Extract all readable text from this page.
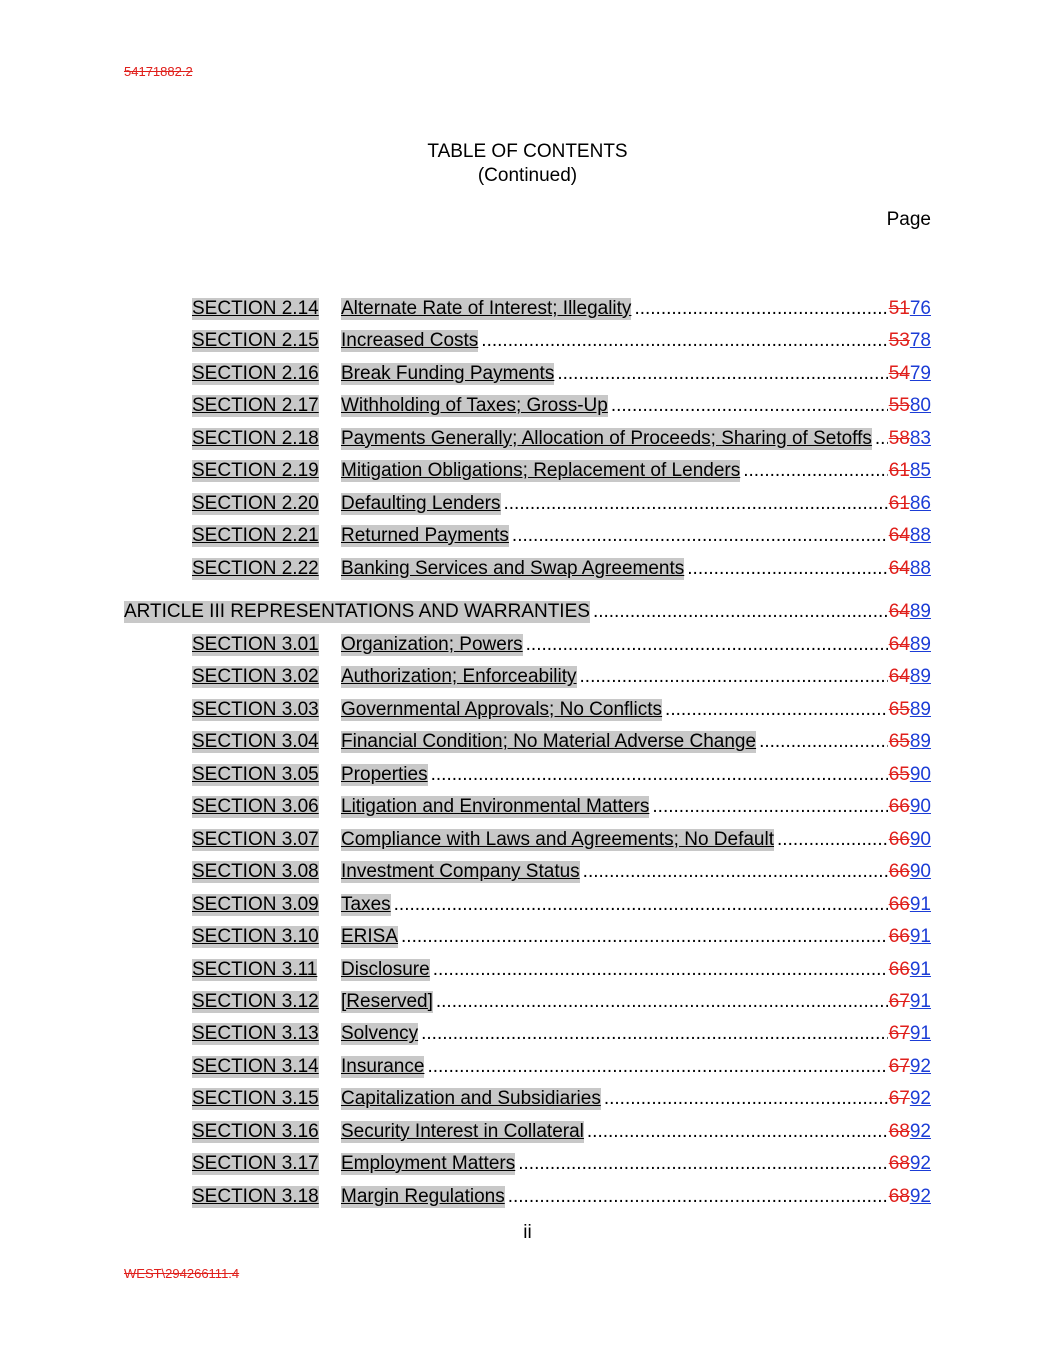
54171882.2
TABLE OF CONTENTS
(Continued)
Page
SECTION 2.14 Alternate Rate of Interest; Illegality .....	51 76
SECTION 2.15 Increased Costs .....	53 78
SECTION 2.16 Break Funding Payments .....	54 79
SECTION 2.17 Withholding of Taxes; Gross-Up .....	55 80
SECTION 2.18 Payments Generally; Allocation of Proceeds; Sharing of Setoffs ..... 58 83
SECTION 2.19 Mitigation Obligations; Replacement of Lenders .....	61 85
SECTION 2.20 Defaulting Lenders .....	61 86
SECTION 2.21 Returned Payments .....	64 88
SECTION 2.22 Banking Services and Swap Agreements .....	64 88
ARTICLE III REPRESENTATIONS AND WARRANTIES .....	64 89
SECTION 3.01 Organization; Powers .....	64 89
SECTION 3.02 Authorization; Enforceability .....	64 89
SECTION 3.03 Governmental Approvals; No Conflicts .....	65 89
SECTION 3.04 Financial Condition; No Material Adverse Change .....	65 89
SECTION 3.05 Properties .....	65 90
SECTION 3.06 Litigation and Environmental Matters .....	66 90
SECTION 3.07 Compliance with Laws and Agreements; No Default .....	66 90
SECTION 3.08 Investment Company Status .....	66 90
SECTION 3.09 Taxes .....	66 91
SECTION 3.10 ERISA .....	66 91
SECTION 3.11 Disclosure .....	66 91
SECTION 3.12 [Reserved] .....	67 91
SECTION 3.13 Solvency .....	67 91
SECTION 3.14 Insurance .....	67 92
SECTION 3.15 Capitalization and Subsidiaries .....	67 92
SECTION 3.16 Security Interest in Collateral .....	68 92
SECTION 3.17 Employment Matters .....	68 92
SECTION 3.18 Margin Regulations .....	68 92
ii
WEST\294266111.4
